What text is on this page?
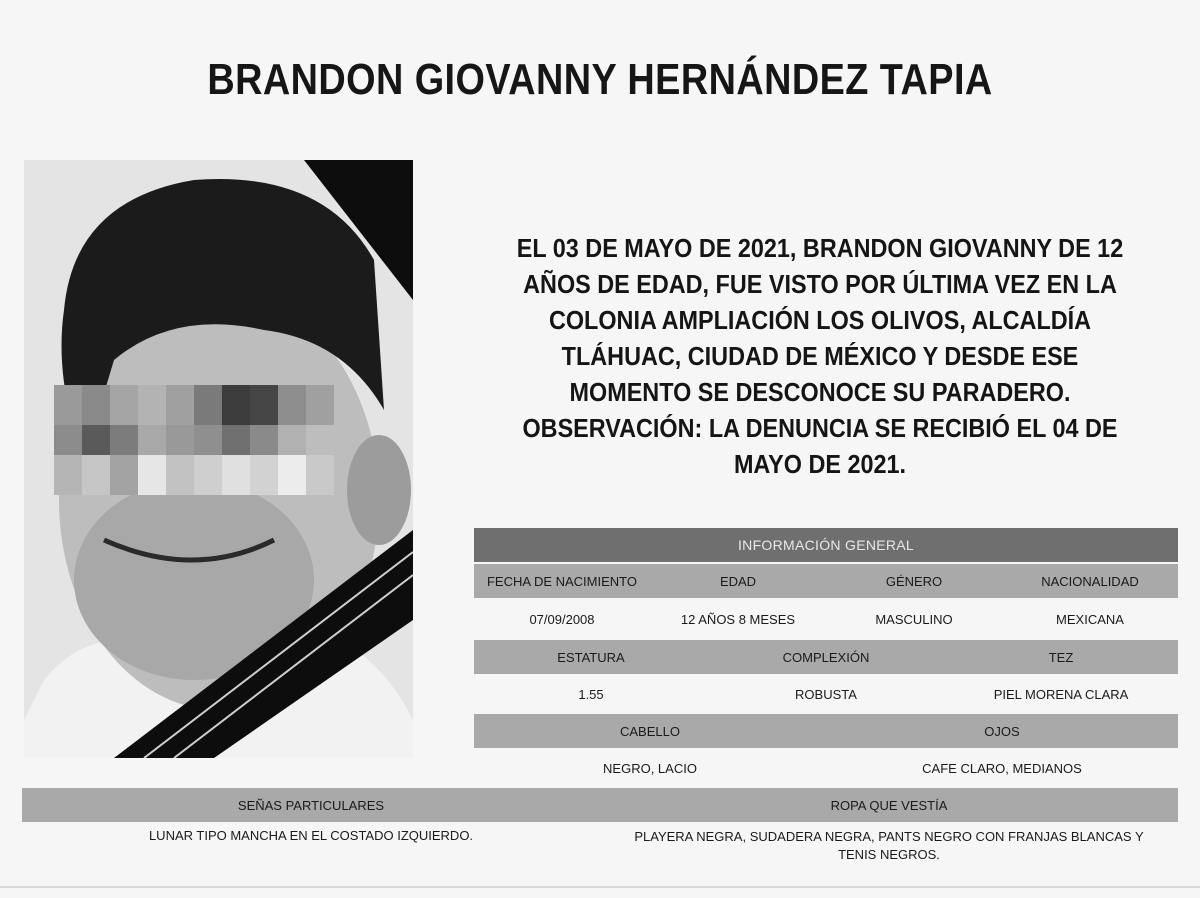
BRANDON GIOVANNY HERNÁNDEZ TAPIA
EL 03 DE MAYO DE 2021, BRANDON GIOVANNY DE 12 AÑOS DE EDAD, FUE VISTO POR ÚLTIMA VEZ EN LA COLONIA AMPLIACIÓN LOS OLIVOS, ALCALDÍA TLÁHUAC, CIUDAD DE MÉXICO Y DESDE ESE MOMENTO SE DESCONOCE SU PARADERO. OBSERVACIÓN: LA DENUNCIA SE RECIBIÓ EL 04 DE MAYO DE 2021.
INFORMACIÓN GENERAL
FECHA DE NACIMIENTO	EDAD	GÉNERO	NACIONALIDAD
07/09/2008	12 AÑOS 8 MESES	MASCULINO	MEXICANA
ESTATURA	COMPLEXIÓN	TEZ
1.55	ROBUSTA	PIEL MORENA CLARA
CABELLO	OJOS
NEGRO, LACIO	CAFE CLARO, MEDIANOS
SEÑAS PARTICULARES	ROPA QUE VESTÍA
LUNAR TIPO MANCHA EN EL COSTADO IZQUIERDO.	PLAYERA NEGRA, SUDADERA NEGRA, PANTS NEGRO CON FRANJAS BLANCAS Y
TENIS NEGROS.
